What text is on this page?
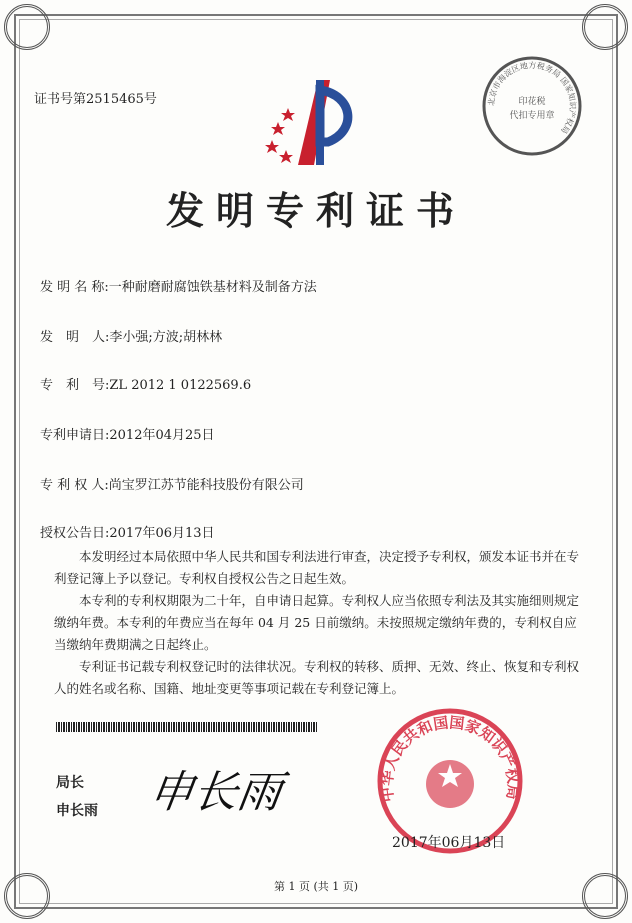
证书号第2515465号	北京市海淀区地方税务局 国家知识产权局
印花税
代扣专用章
发明专利证书
发 明 名 称:一种耐磨耐腐蚀铁基材料及制备方法
发　明　人:李小强;方波;胡林林
专　利　号:ZL 2012 1 0122569.6
专利申请日:2012年04月25日
专 利 权 人:尚宝罗江苏节能科技股份有限公司
授权公告日:2017年06月13日

本发明经过本局依照中华人民共和国专利法进行审查，决定授予专利权，颁发本证书并在专利登记簿上予以登记。专利权自授权公告之日起生效。

本专利的专利权期限为二十年，自申请日起算。专利权人应当依照专利法及其实施细则规定缴纳年费。本专利的年费应当在每年 04 月 25 日前缴纳。未按照规定缴纳年费的，专利权自应当缴纳年费期满之日起终止。

专利证书记载专利权登记时的法律状况。专利权的转移、质押、无效、终止、恢复和专利权人的姓名或名称、国籍、地址变更等事项记载在专利登记簿上。

局长
申长雨 申长雨	中华人民共和国国家知识产权局
2017年06月13日
第 1 页 (共 1 页)
